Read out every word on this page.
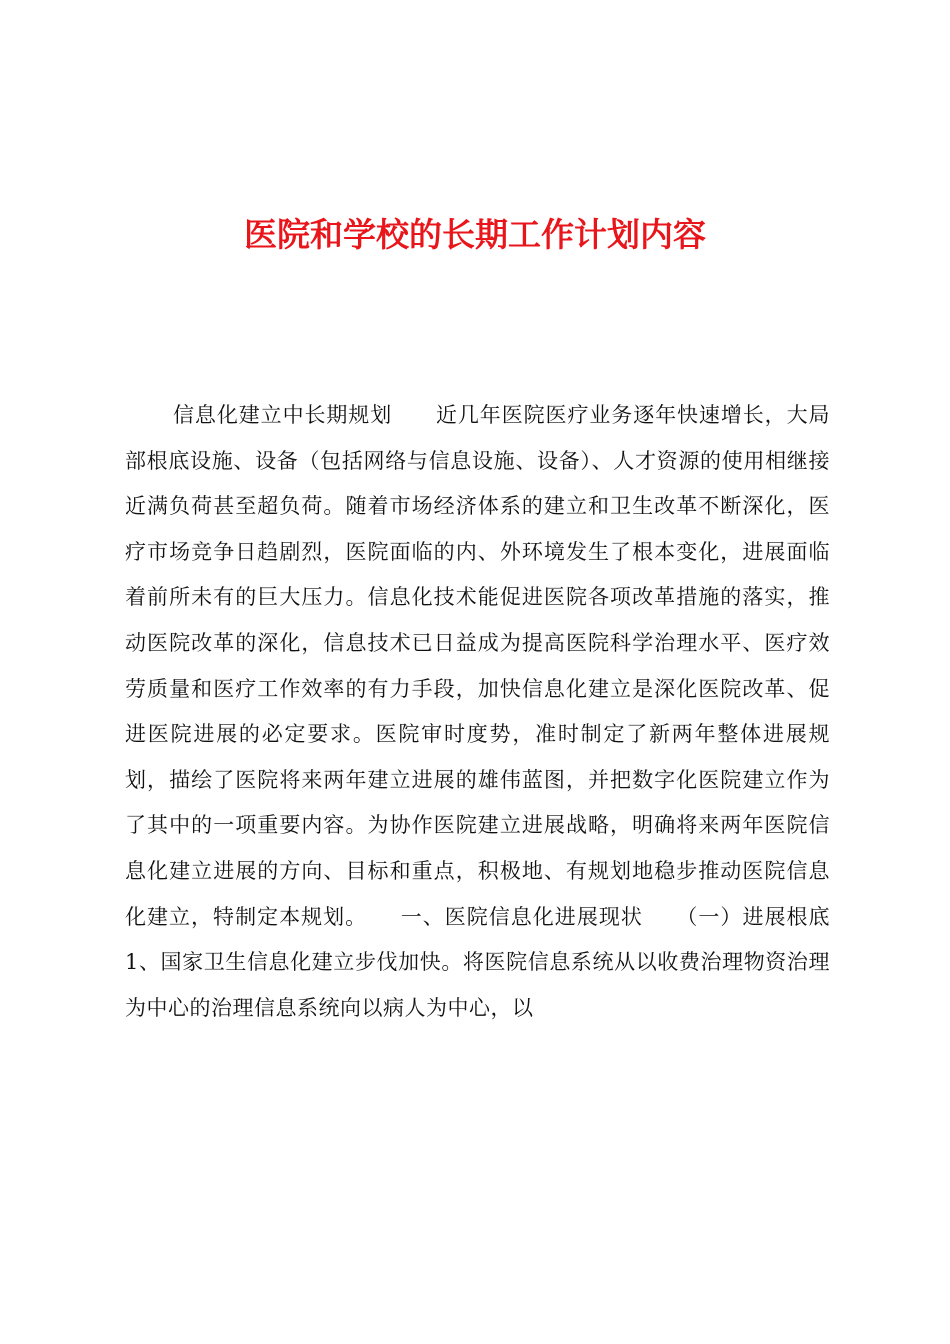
医院和学校的长期工作计划内容

信息化建立中长期规划　　近几年医院医疗业务逐年快速增长，大局部根底设施、设备（包括网络与信息设施、设备）、人才资源的使用相继接近满负荷甚至超负荷。随着市场经济体系的建立和卫生改革不断深化，医疗市场竞争日趋剧烈，医院面临的内、外环境发生了根本变化，进展面临着前所未有的巨大压力。信息化技术能促进医院各项改革措施的落实，推动医院改革的深化，信息技术已日益成为提高医院科学治理水平、医疗效劳质量和医疗工作效率的有力手段，加快信息化建立是深化医院改革、促进医院进展的必定要求。医院审时度势，准时制定了新两年整体进展规划，描绘了医院将来两年建立进展的雄伟蓝图，并把数字化医院建立作为了其中的一项重要内容。为协作医院建立进展战略，明确将来两年医院信息化建立进展的方向、目标和重点，积极地、有规划地稳步推动医院信息化建立，特制定本规划。　　一、医院信息化进展现状　　（一）进展根底　　1、国家卫生信息化建立步伐加快。将医院信息系统从以收费治理物资治理为中心的治理信息系统向以病人为中心，以
